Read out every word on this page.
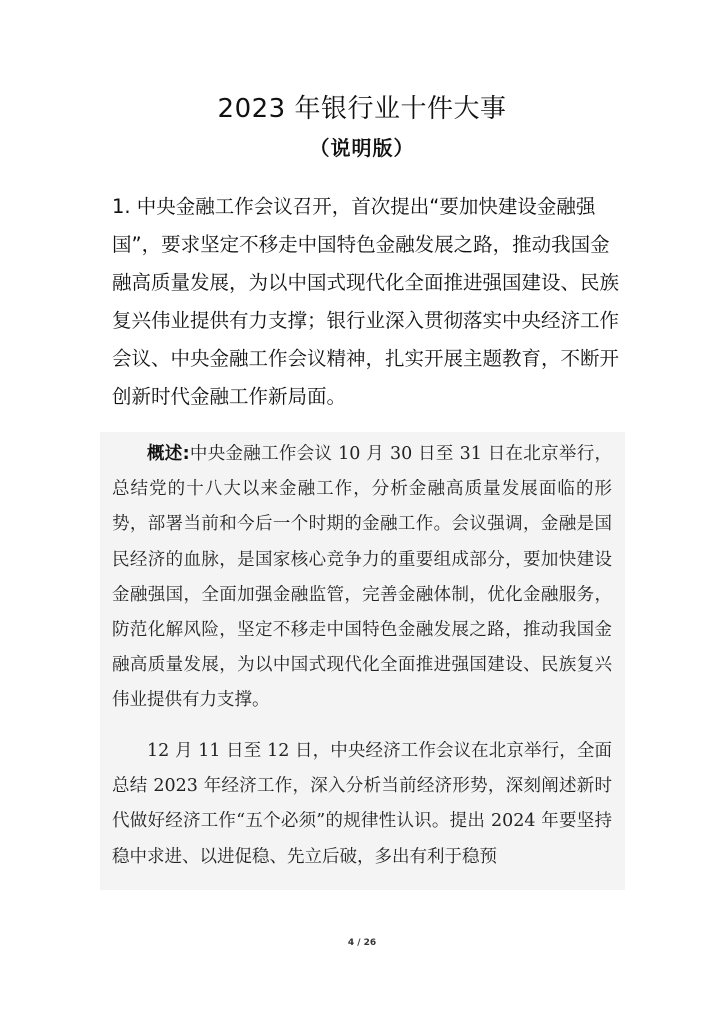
2023 年银行业十件大事
（说明版）

1. 中央金融工作会议召开，首次提出“要加快建设金融强国”，要求坚定不移走中国特色金融发展之路，推动我国金融高质量发展，为以中国式现代化全面推进强国建设、民族复兴伟业提供有力支撑；银行业深入贯彻落实中央经济工作会议、中央金融工作会议精神，扎实开展主题教育，不断开创新时代金融工作新局面。

概述:中央金融工作会议 10 月 30 日至 31 日在北京举行，总结党的十八大以来金融工作，分析金融高质量发展面临的形势，部署当前和今后一个时期的金融工作。会议强调，金融是国民经济的血脉，是国家核心竞争力的重要组成部分，要加快建设金融强国，全面加强金融监管，完善金融体制，优化金融服务，防范化解风险，坚定不移走中国特色金融发展之路，推动我国金融高质量发展，为以中国式现代化全面推进强国建设、民族复兴伟业提供有力支撑。

12 月 11 日至 12 日，中央经济工作会议在北京举行，全面总结 2023 年经济工作，深入分析当前经济形势，深刻阐述新时代做好经济工作“五个必须”的规律性认识。提出 2024 年要坚持稳中求进、以进促稳、先立后破，多出有利于稳预

4 / 26
